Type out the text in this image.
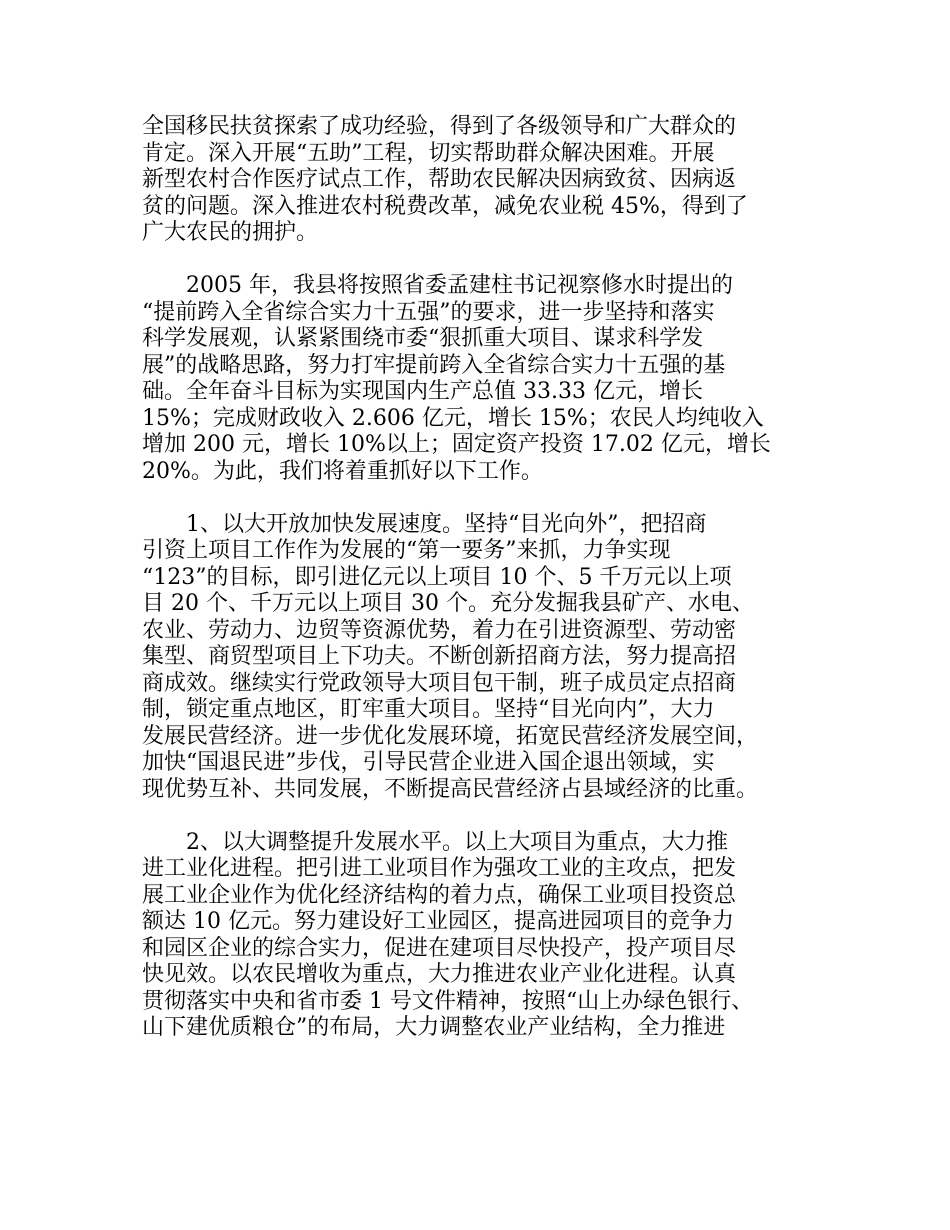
全国移民扶贫探索了成功经验，得到了各级领导和广大群众的
肯定。深入开展“五助”工程，切实帮助群众解决困难。开展
新型农村合作医疗试点工作，帮助农民解决因病致贫、因病返
贫的问题。深入推进农村税费改革，减免农业税 45%，得到了
广大农民的拥护。

　　2005 年，我县将按照省委孟建柱书记视察修水时提出的
“提前跨入全省综合实力十五强”的要求，进一步坚持和落实
科学发展观，认紧紧围绕市委“狠抓重大项目、谋求科学发
展”的战略思路，努力打牢提前跨入全省综合实力十五强的基
础。全年奋斗目标为实现国内生产总值 33.33 亿元，增长
15%；完成财政收入 2.606 亿元，增长 15%；农民人均纯收入
增加 200 元，增长 10%以上；固定资产投资 17.02 亿元，增长
20%。为此，我们将着重抓好以下工作。

　　1、以大开放加快发展速度。坚持“目光向外”，把招商
引资上项目工作作为发展的“第一要务”来抓，力争实现
“123”的目标，即引进亿元以上项目 10 个、5 千万元以上项
目 20 个、千万元以上项目 30 个。充分发掘我县矿产、水电、
农业、劳动力、边贸等资源优势，着力在引进资源型、劳动密
集型、商贸型项目上下功夫。不断创新招商方法，努力提高招
商成效。继续实行党政领导大项目包干制，班子成员定点招商
制，锁定重点地区，盯牢重大项目。坚持“目光向内”，大力
发展民营经济。进一步优化发展环境，拓宽民营经济发展空间，
加快“国退民进”步伐，引导民营企业进入国企退出领域，实
现优势互补、共同发展，不断提高民营经济占县域经济的比重。

　　2、以大调整提升发展水平。以上大项目为重点，大力推
进工业化进程。把引进工业项目作为强攻工业的主攻点，把发
展工业企业作为优化经济结构的着力点，确保工业项目投资总
额达 10 亿元。努力建设好工业园区，提高进园项目的竞争力
和园区企业的综合实力，促进在建项目尽快投产，投产项目尽
快见效。以农民增收为重点，大力推进农业产业化进程。认真
贯彻落实中央和省市委 1 号文件精神，按照“山上办绿色银行、
山下建优质粮仓”的布局，大力调整农业产业结构，全力推进
